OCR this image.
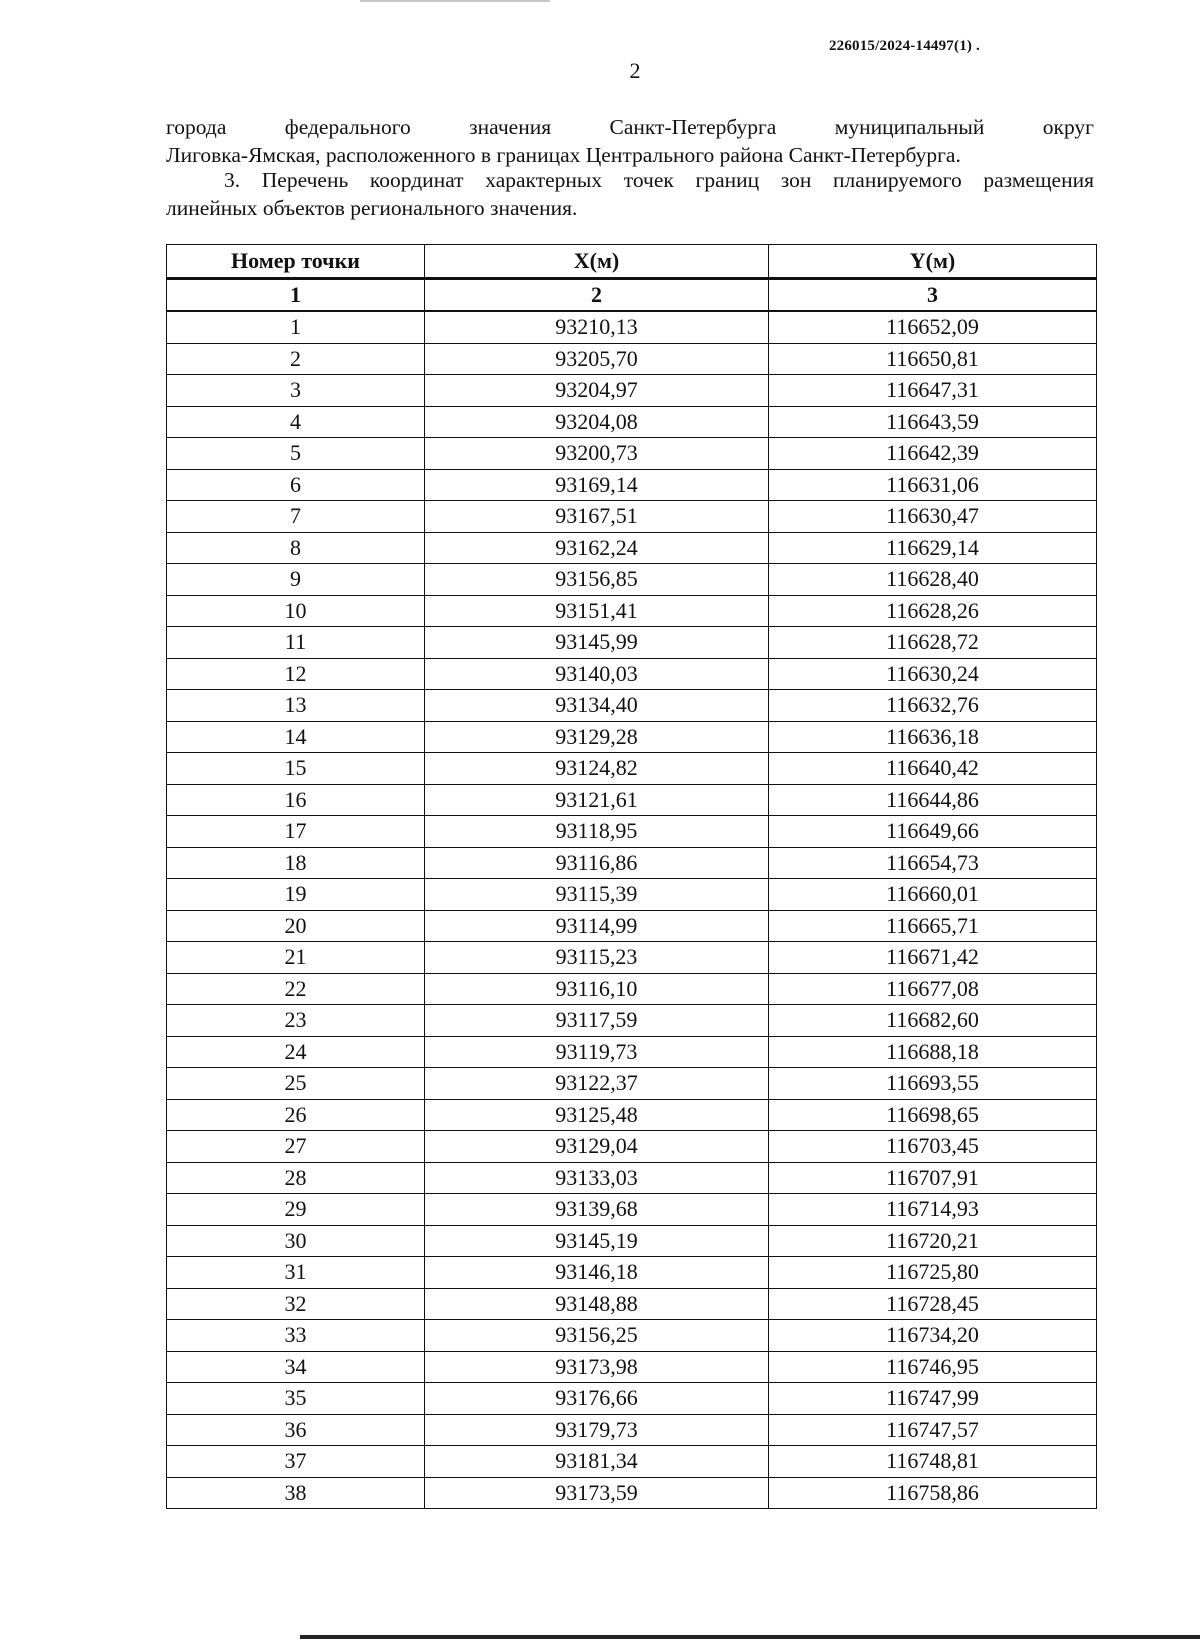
226015/2024-14497(1) .
2
города федерального значения Санкт-Петербурга муниципальный округ
Лиговка-Ямская, расположенного в границах Центрального района Санкт-Петербурга.
3. Перечень координат характерных точек границ зон планируемого размещения
линейных объектов регионального значения.
Номер точки	X(м)	Y(м)
1	2	3
1	93210,13	116652,09
2	93205,70	116650,81
3	93204,97	116647,31
4	93204,08	116643,59
5	93200,73	116642,39
6	93169,14	116631,06
7	93167,51	116630,47
8	93162,24	116629,14
9	93156,85	116628,40
10	93151,41	116628,26
11	93145,99	116628,72
12	93140,03	116630,24
13	93134,40	116632,76
14	93129,28	116636,18
15	93124,82	116640,42
16	93121,61	116644,86
17	93118,95	116649,66
18	93116,86	116654,73
19	93115,39	116660,01
20	93114,99	116665,71
21	93115,23	116671,42
22	93116,10	116677,08
23	93117,59	116682,60
24	93119,73	116688,18
25	93122,37	116693,55
26	93125,48	116698,65
27	93129,04	116703,45
28	93133,03	116707,91
29	93139,68	116714,93
30	93145,19	116720,21
31	93146,18	116725,80
32	93148,88	116728,45
33	93156,25	116734,20
34	93173,98	116746,95
35	93176,66	116747,99
36	93179,73	116747,57
37	93181,34	116748,81
38	93173,59	116758,86
